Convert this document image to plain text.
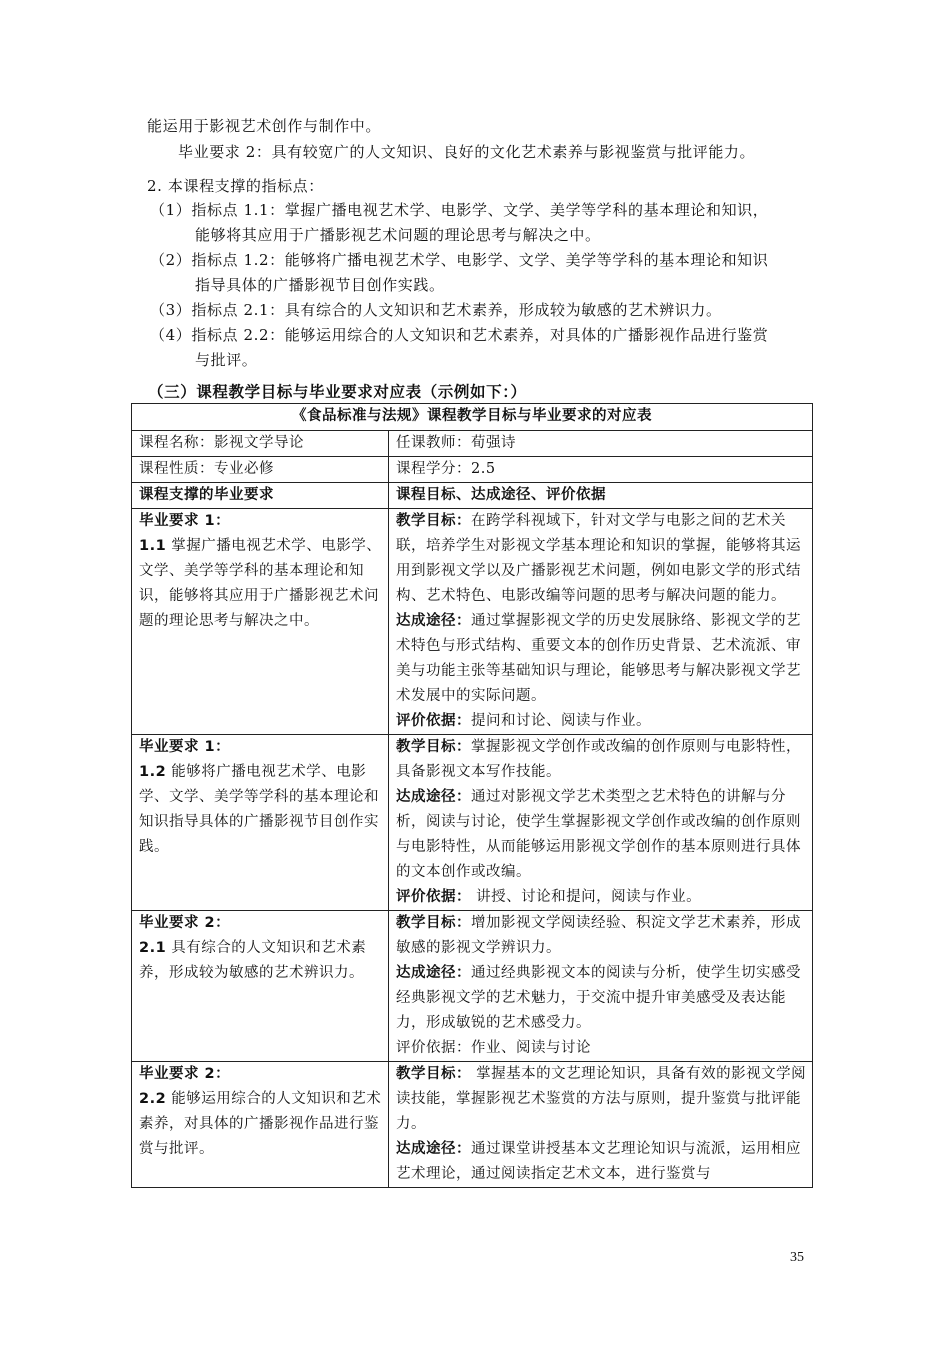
能运用于影视艺术创作与制作中。
毕业要求 2：具有较宽广的人文知识、良好的文化艺术素养与影视鉴赏与批评能力。
2. 本课程支撑的指标点：
（1）指标点 1.1：掌握广播电视艺术学、电影学、文学、美学等学科的基本理论和知识，
能够将其应用于广播影视艺术问题的理论思考与解决之中。
（2）指标点 1.2：能够将广播电视艺术学、电影学、文学、美学等学科的基本理论和知识
指导具体的广播影视节目创作实践。
（3）指标点 2.1：具有综合的人文知识和艺术素养，形成较为敏感的艺术辨识力。
（4）指标点 2.2：能够运用综合的人文知识和艺术素养，对具体的广播影视作品进行鉴赏
与批评。
（三）课程教学目标与毕业要求对应表（示例如下：）
《食品标准与法规》课程教学目标与毕业要求的对应表	
课程名称：影视文学导论	任课教师：荀强诗
课程性质：专业必修	课程学分：2.5
课程支撑的毕业要求	课程目标、达成途径、评价依据

毕业要求 1：
1.1 掌握广播电视艺术学、电影学、文学、美学等学科的基本理论和知识，能够将其应用于广播影视艺术问题的理论思考与解决之中。	教学目标：在跨学科视域下，针对文学与电影之间的艺术关联，培养学生对影视文学基本理论和知识的掌握，能够将其运用到影视文学以及广播影视艺术问题，例如电影文学的形式结构、艺术特色、电影改编等问题的思考与解决问题的能力。
达成途径：通过掌握影视文学的历史发展脉络、影视文学的艺术特色与形式结构、重要文本的创作历史背景、艺术流派、审美与功能主张等基础知识与理论，能够思考与解决影视文学艺术发展中的实际问题。
评价依据：提问和讨论、阅读与作业。

毕业要求 1：
1.2 能够将广播电视艺术学、电影学、文学、美学等学科的基本理论和知识指导具体的广播影视节目创作实践。	教学目标：掌握影视文学创作或改编的创作原则与电影特性，具备影视文本写作技能。
达成途径：通过对影视文学艺术类型之艺术特色的讲解与分析，阅读与讨论，使学生掌握影视文学创作或改编的创作原则与电影特性，从而能够运用影视文学创作的基本原则进行具体的文本创作或改编。
评价依据： 讲授、讨论和提问，阅读与作业。

毕业要求 2：
2.1 具有综合的人文知识和艺术素养，形成较为敏感的艺术辨识力。	教学目标：增加影视文学阅读经验、积淀文学艺术素养，形成敏感的影视文学辨识力。
达成途径：通过经典影视文本的阅读与分析，使学生切实感受经典影视文学的艺术魅力，于交流中提升审美感受及表达能力，形成敏锐的艺术感受力。
评价依据：作业、阅读与讨论

毕业要求 2：
2.2 能够运用综合的人文知识和艺术素养，对具体的广播影视作品进行鉴赏与批评。	教学目标： 掌握基本的文艺理论知识，具备有效的影视文学阅读技能，掌握影视艺术鉴赏的方法与原则，提升鉴赏与批评能力。
达成途径：通过课堂讲授基本文艺理论知识与流派，运用相应艺术理论，通过阅读指定艺术文本，进行鉴赏与
35
